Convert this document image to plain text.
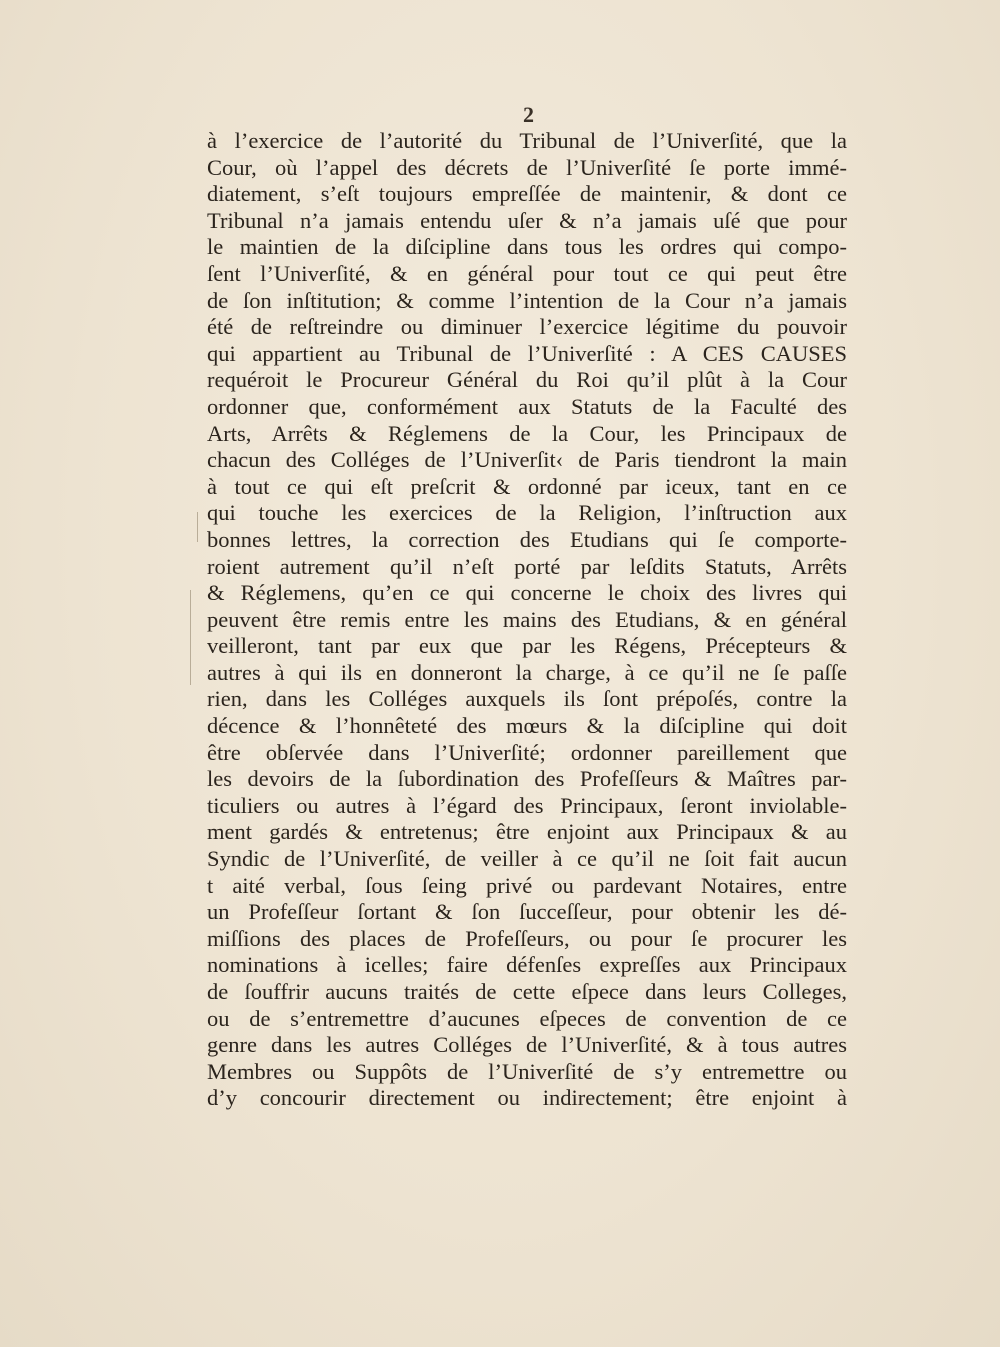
2
à l’exercice de l’autorité du Tribunal de l’Univerſité, que la
Cour, où l’appel des décrets de l’Univerſité ſe porte immé-
diatement, s’eſt toujours empreſſée de maintenir, & dont ce
Tribunal n’a jamais entendu uſer & n’a jamais uſé que pour
le maintien de la diſcipline dans tous les ordres qui compo-
ſent l’Univerſité, & en général pour tout ce qui peut être
de ſon inſtitution; & comme l’intention de la Cour n’a jamais
été de reſtreindre ou diminuer l’exercice légitime du pouvoir
qui appartient au Tribunal de l’Univerſité : A CES CAUSES
requéroit le Procureur Général du Roi qu’il plût à la Cour
ordonner que, conformément aux Statuts de la Faculté des
Arts, Arrêts & Réglemens de la Cour, les Principaux de
chacun des Colléges de l’Univerſit‹ de Paris tiendront la main
à tout ce qui eſt preſcrit & ordonné par iceux, tant en ce
qui touche les exercices de la Religion, l’inſtruction aux
bonnes lettres, la correction des Etudians qui ſe comporte-
roient autrement qu’il n’eſt porté par leſdits Statuts, Arrêts
& Réglemens, qu’en ce qui concerne le choix des livres qui
peuvent être remis entre les mains des Etudians, & en général
veilleront, tant par eux que par les Régens, Précepteurs &
autres à qui ils en donneront la charge, à ce qu’il ne ſe paſſe
rien, dans les Colléges auxquels ils ſont prépoſés, contre la
décence & l’honnêteté des mœurs & la diſcipline qui doit
être obſervée dans l’Univerſité; ordonner pareillement que
les devoirs de la ſubordination des Profeſſeurs & Maîtres par-
ticuliers ou autres à l’égard des Principaux, ſeront inviolable-
ment gardés & entretenus; être enjoint aux Principaux & au
Syndic de l’Univerſité, de veiller à ce qu’il ne ſoit fait aucun
t aité verbal, ſous ſeing privé ou pardevant Notaires, entre
un Profeſſeur ſortant & ſon ſucceſſeur, pour obtenir les dé-
miſſions des places de Profeſſeurs, ou pour ſe procurer les
nominations à icelles; faire défenſes expreſſes aux Principaux
de ſouffrir aucuns traités de cette eſpece dans leurs Colleges,
ou de s’entremettre d’aucunes eſpeces de convention de ce
genre dans les autres Colléges de l’Univerſité, & à tous autres
Membres ou Suppôts de l’Univerſité de s’y entremettre ou
d’y concourir directement ou indirectement; être enjoint à
